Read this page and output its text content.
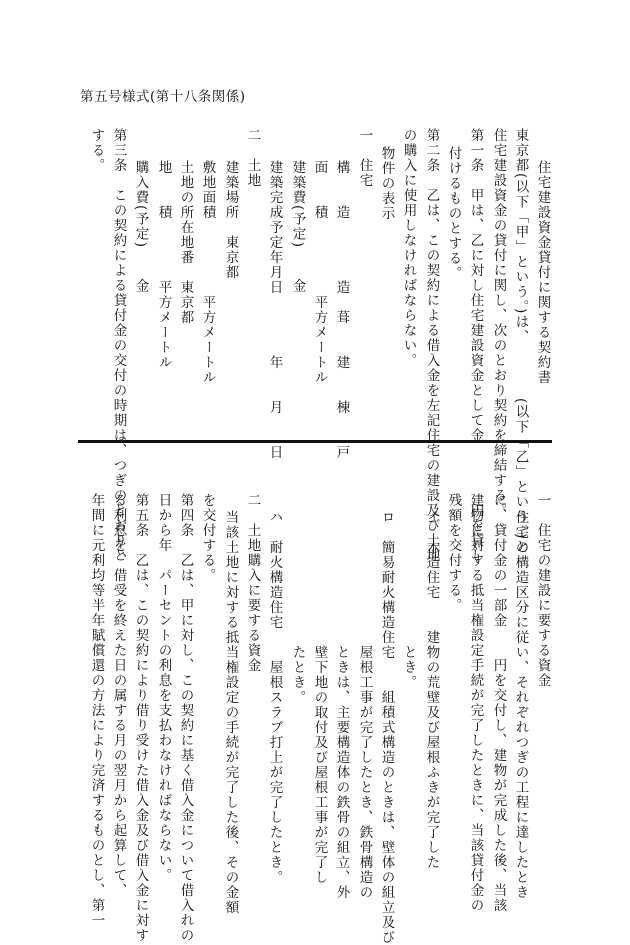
第五号様式(第十八条関係)
住宅建設資金貸付に関する契約書
東京都(以下「甲」という。)は、　　　　(以下「乙」という。)と
住宅建設資金の貸付に関し、次のとおり契約を締結する。
第一条　甲は、乙に対し住宅建設資金として金　　　　円を貸し
付けるものとする。
第二条　乙は、この契約による借入金を左記住宅の建設及び土地
の購入に使用しなければならない。
物件の表示
一　住宅
構　　造　　　　造　葺　　建　　棟　　戸
面　　積　　　　　平方メートル
建築費(予定)　　金
建築完成予定年月日　　　　年　　月　　日
二　土地
建築場所　東京都
敷地面積　　　　　平方メートル
土地の所在地番　東京都
地　　積　　　　平方メートル
購入費(予定)　　金
第三条　この契約による貸付金の交付の時期は、つぎのとおりと
する。
一　住宅の建設に要する資金
住宅の構造区分に従い、それぞれつぎの工程に達したとき
に、貸付金の一部金　　円を交付し、建物が完成した後、当該
建物に対する抵当権設定手続が完了したときに、当該貸付金の
残額を交付する。
イ　木造住宅　　建物の荒壁及び屋根ふきが完了した
とき。
ロ　簡易耐火構造住宅　　組積式構造のときは、壁体の組立及び
屋根工事が完了したとき、鉄骨構造の
ときは、主要構造体の鉄骨の組立、外
壁下地の取付及び屋根工事が完了し
たとき。
ハ　耐火構造住宅　　屋根スラブ打上が完了したとき。
二　土地購入に要する資金
当該土地に対する抵当権設定の手続が完了した後、その金額
を交付する。
第四条　乙は、甲に対し、この契約に基く借入金について借入れの
日から年　パーセントの利息を支払わなければならない。
第五条　乙は、この契約により借り受けた借入金及び借入金に対す
る利息を、借受を終えた日の属する月の翌月から起算して、
年間に元利均等半年賦償還の方法により完済するものとし、第一
